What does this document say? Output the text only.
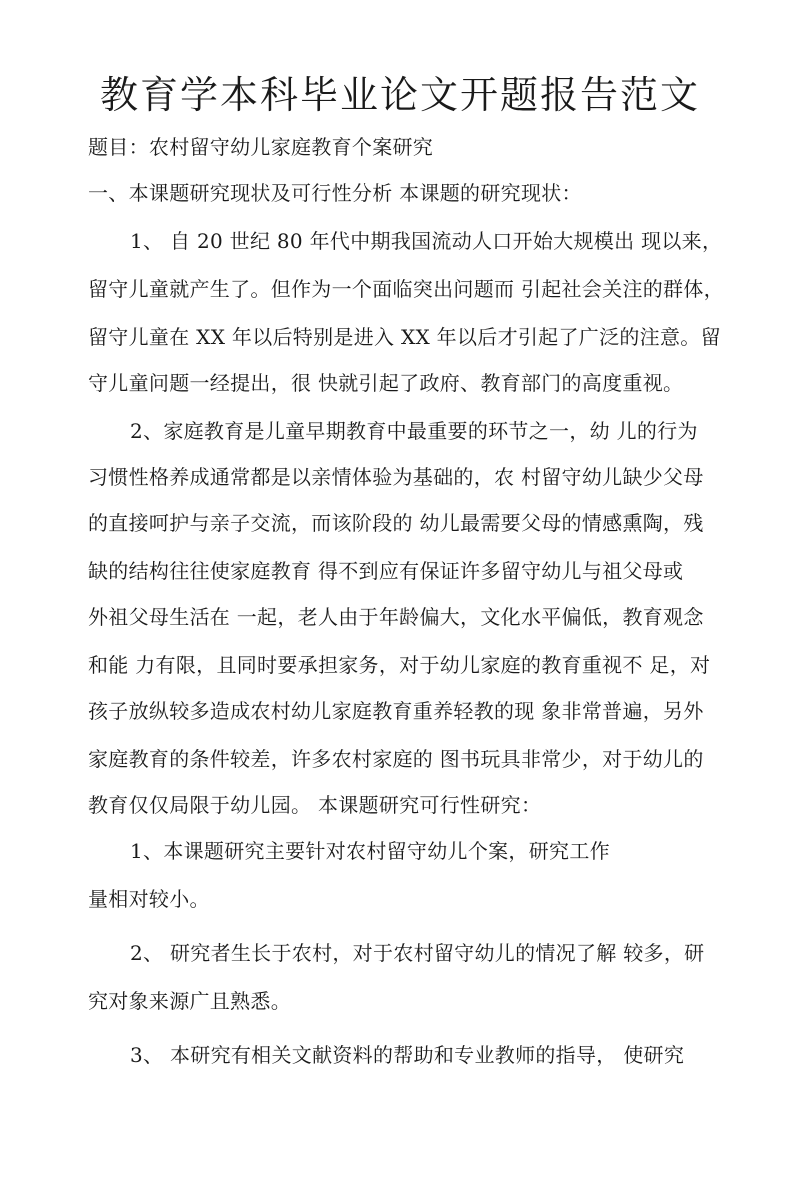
教育学本科毕业论文开题报告范文
题目：农村留守幼儿家庭教育个案研究
一、本课题研究现状及可行性分析 本课题的研究现状：
1、 自 20 世纪 80 年代中期我国流动人口开始大规模出 现以来，
留守儿童就产生了。但作为一个面临突出问题而 引起社会关注的群体，
留守儿童在 XX 年以后特别是进入 XX 年以后才引起了广泛的注意。留
守儿童问题一经提出，很 快就引起了政府、教育部门的高度重视。
2、家庭教育是儿童早期教育中最重要的环节之一，幼 儿的行为
习惯性格养成通常都是以亲情体验为基础的，农 村留守幼儿缺少父母
的直接呵护与亲子交流，而该阶段的 幼儿最需要父母的情感熏陶，残
缺的结构往往使家庭教育 得不到应有保证许多留守幼儿与祖父母或
外祖父母生活在 一起，老人由于年龄偏大，文化水平偏低，教育观念
和能 力有限，且同时要承担家务，对于幼儿家庭的教育重视不 足，对
孩子放纵较多造成农村幼儿家庭教育重养轻教的现 象非常普遍，另外
家庭教育的条件较差，许多农村家庭的 图书玩具非常少，对于幼儿的
教育仅仅局限于幼儿园。 本课题研究可行性研究：
1、本课题研究主要针对农村留守幼儿个案，研究工作
量相对较小。
2、 研究者生长于农村，对于农村留守幼儿的情况了解 较多，研
究对象来源广且熟悉。
3、 本研究有相关文献资料的帮助和专业教师的指导， 使研究
